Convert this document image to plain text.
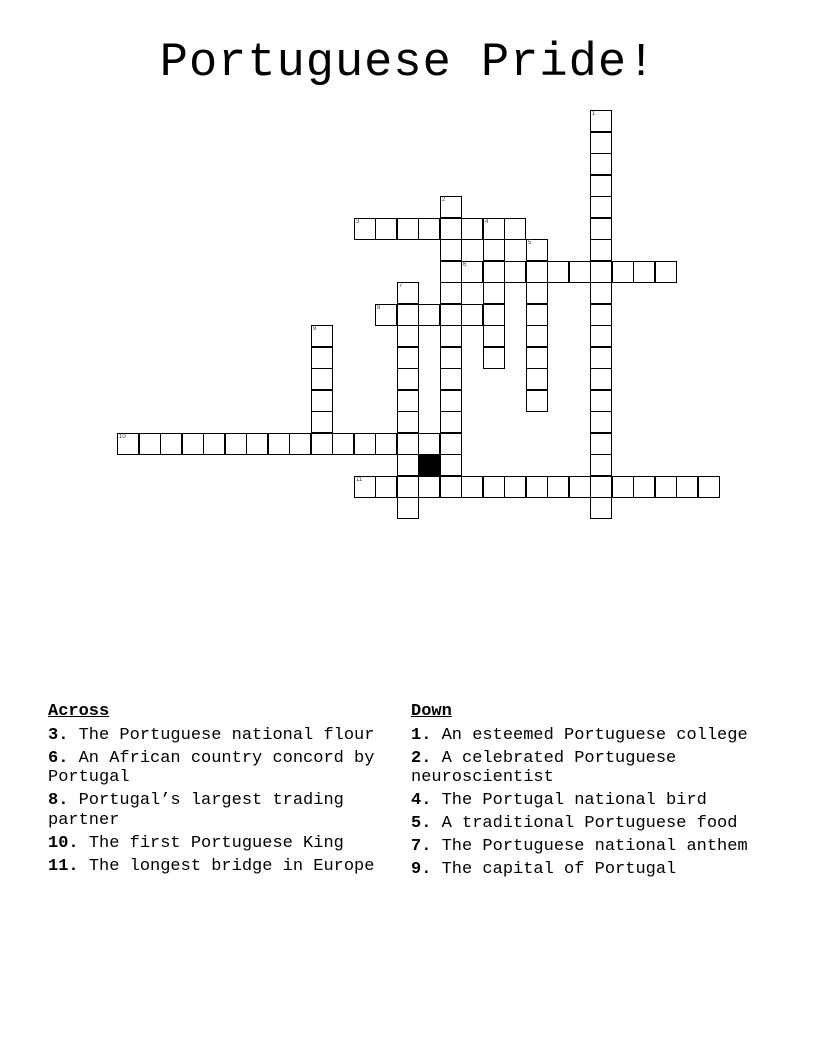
Portuguese Pride!
1
2
3	4
5
6
7
8
9
10
11
Across
3. The Portuguese national flour
6. An African country concord by Portugal
8. Portugal’s largest trading partner
10. The first Portuguese King
11. The longest bridge in Europe
Down
1. An esteemed Portuguese college
2. A celebrated Portuguese neuroscientist
4. The Portugal national bird
5. A traditional Portuguese food
7. The Portuguese national anthem
9. The capital of Portugal
